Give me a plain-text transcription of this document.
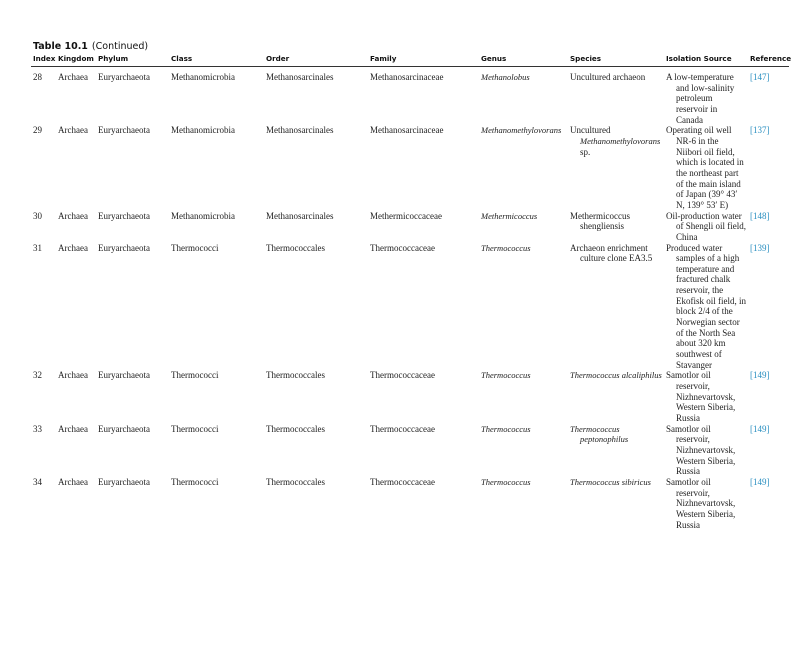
Table 10.1 (Continued)
Index	Kingdom	Phylum	Class	Order	Family	Genus	Species	Isolation Source	Reference
28	Archaea	Euryarchaeota	Methanomicrobia	Methanosarcinales	Methanosarcinaceae	Methanolobus	Uncultured archaeon	A low-temperature and low-salinity petroleum reservoir in Canada	[147]
29	Archaea	Euryarchaeota	Methanomicrobia	Methanosarcinales	Methanosarcinaceae	Methanomethylovorans	Uncultured Methanomethylovorans sp.	Operating oil well NR-6 in the Niibori oil field, which is located in the northeast part of the main island of Japan (39° 43′ N, 139° 53′ E)	[137]
30	Archaea	Euryarchaeota	Methanomicrobia	Methanosarcinales	Methermicoccaceae	Methermicoccus	Methermicoccus shengliensis	Oil-production water of Shengli oil field, China	[148]
31	Archaea	Euryarchaeota	Thermococci	Thermococcales	Thermococcaceae	Thermococcus	Archaeon enrichment culture clone EA3.5	Produced water samples of a high temperature and fractured chalk reservoir, the Ekofisk oil field, in block 2/4 of the Norwegian sector of the North Sea about 320 km southwest of Stavanger	[139]
32	Archaea	Euryarchaeota	Thermococci	Thermococcales	Thermococcaceae	Thermococcus	Thermococcus alcaliphilus	Samotlor oil reservoir, Nizhnevartovsk, Western Siberia, Russia	[149]
33	Archaea	Euryarchaeota	Thermococci	Thermococcales	Thermococcaceae	Thermococcus	Thermococcus peptonophilus	Samotlor oil reservoir, Nizhnevartovsk, Western Siberia, Russia	[149]
34	Archaea	Euryarchaeota	Thermococci	Thermococcales	Thermococcaceae	Thermococcus	Thermococcus sibiricus	Samotlor oil reservoir, Nizhnevartovsk, Western Siberia, Russia	[149]
